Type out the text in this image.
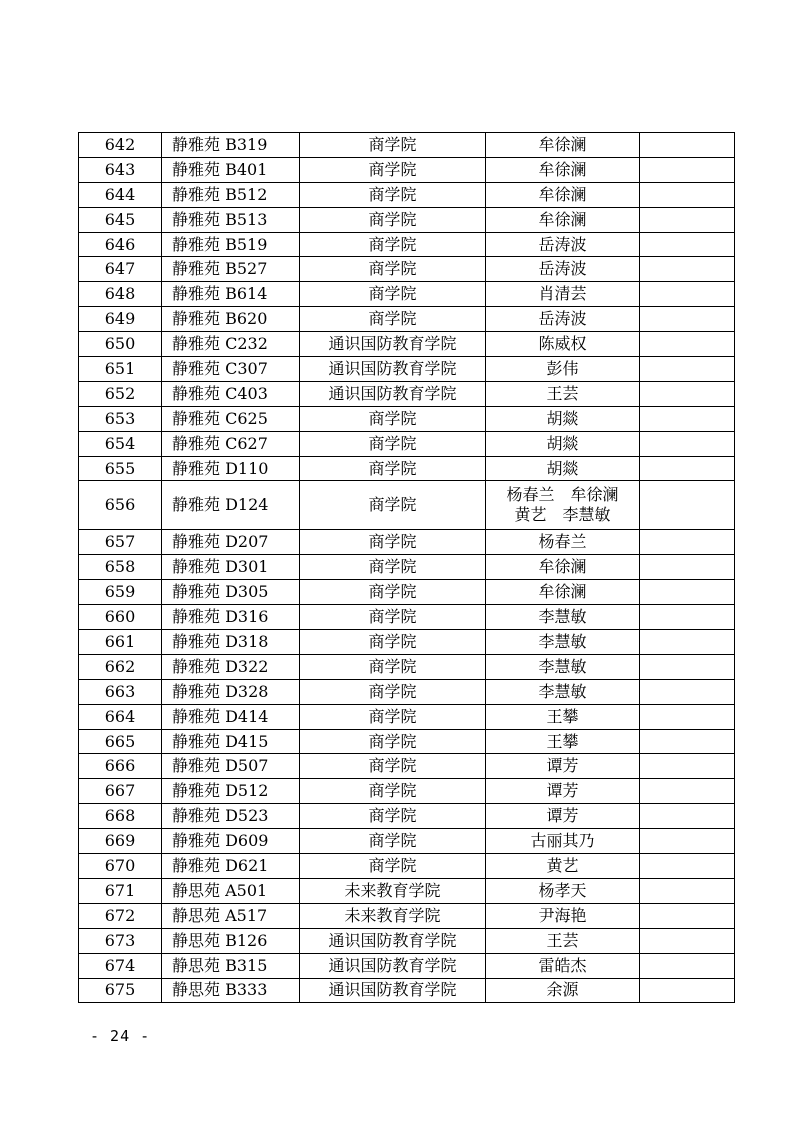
642	静雅苑 B319	商学院	牟徐澜	

643	静雅苑 B401	商学院	牟徐澜	

644	静雅苑 B512	商学院	牟徐澜	

645	静雅苑 B513	商学院	牟徐澜	

646	静雅苑 B519	商学院	岳涛波	

647	静雅苑 B527	商学院	岳涛波	

648	静雅苑 B614	商学院	肖清芸	

649	静雅苑 B620	商学院	岳涛波	

650	静雅苑 C232	通识国防教育学院	陈威权	

651	静雅苑 C307	通识国防教育学院	彭伟	

652	静雅苑 C403	通识国防教育学院	王芸	

653	静雅苑 C625	商学院	胡燚	

654	静雅苑 C627	商学院	胡燚	

655	静雅苑 D110	商学院	胡燚	

656	静雅苑 D124	商学院	杨春兰　牟徐澜
黄艺　李慧敏	

657	静雅苑 D207	商学院	杨春兰	

658	静雅苑 D301	商学院	牟徐澜	

659	静雅苑 D305	商学院	牟徐澜	

660	静雅苑 D316	商学院	李慧敏	

661	静雅苑 D318	商学院	李慧敏	

662	静雅苑 D322	商学院	李慧敏	

663	静雅苑 D328	商学院	李慧敏	

664	静雅苑 D414	商学院	王攀	

665	静雅苑 D415	商学院	王攀	

666	静雅苑 D507	商学院	谭芳	

667	静雅苑 D512	商学院	谭芳	

668	静雅苑 D523	商学院	谭芳	

669	静雅苑 D609	商学院	古丽其乃	

670	静雅苑 D621	商学院	黄艺	

671	静思苑 A501	未来教育学院	杨孝天	

672	静思苑 A517	未来教育学院	尹海艳	

673	静思苑 B126	通识国防教育学院	王芸	

674	静思苑 B315	通识国防教育学院	雷皓杰	

675	静思苑 B333	通识国防教育学院	余源	

- 24 -
